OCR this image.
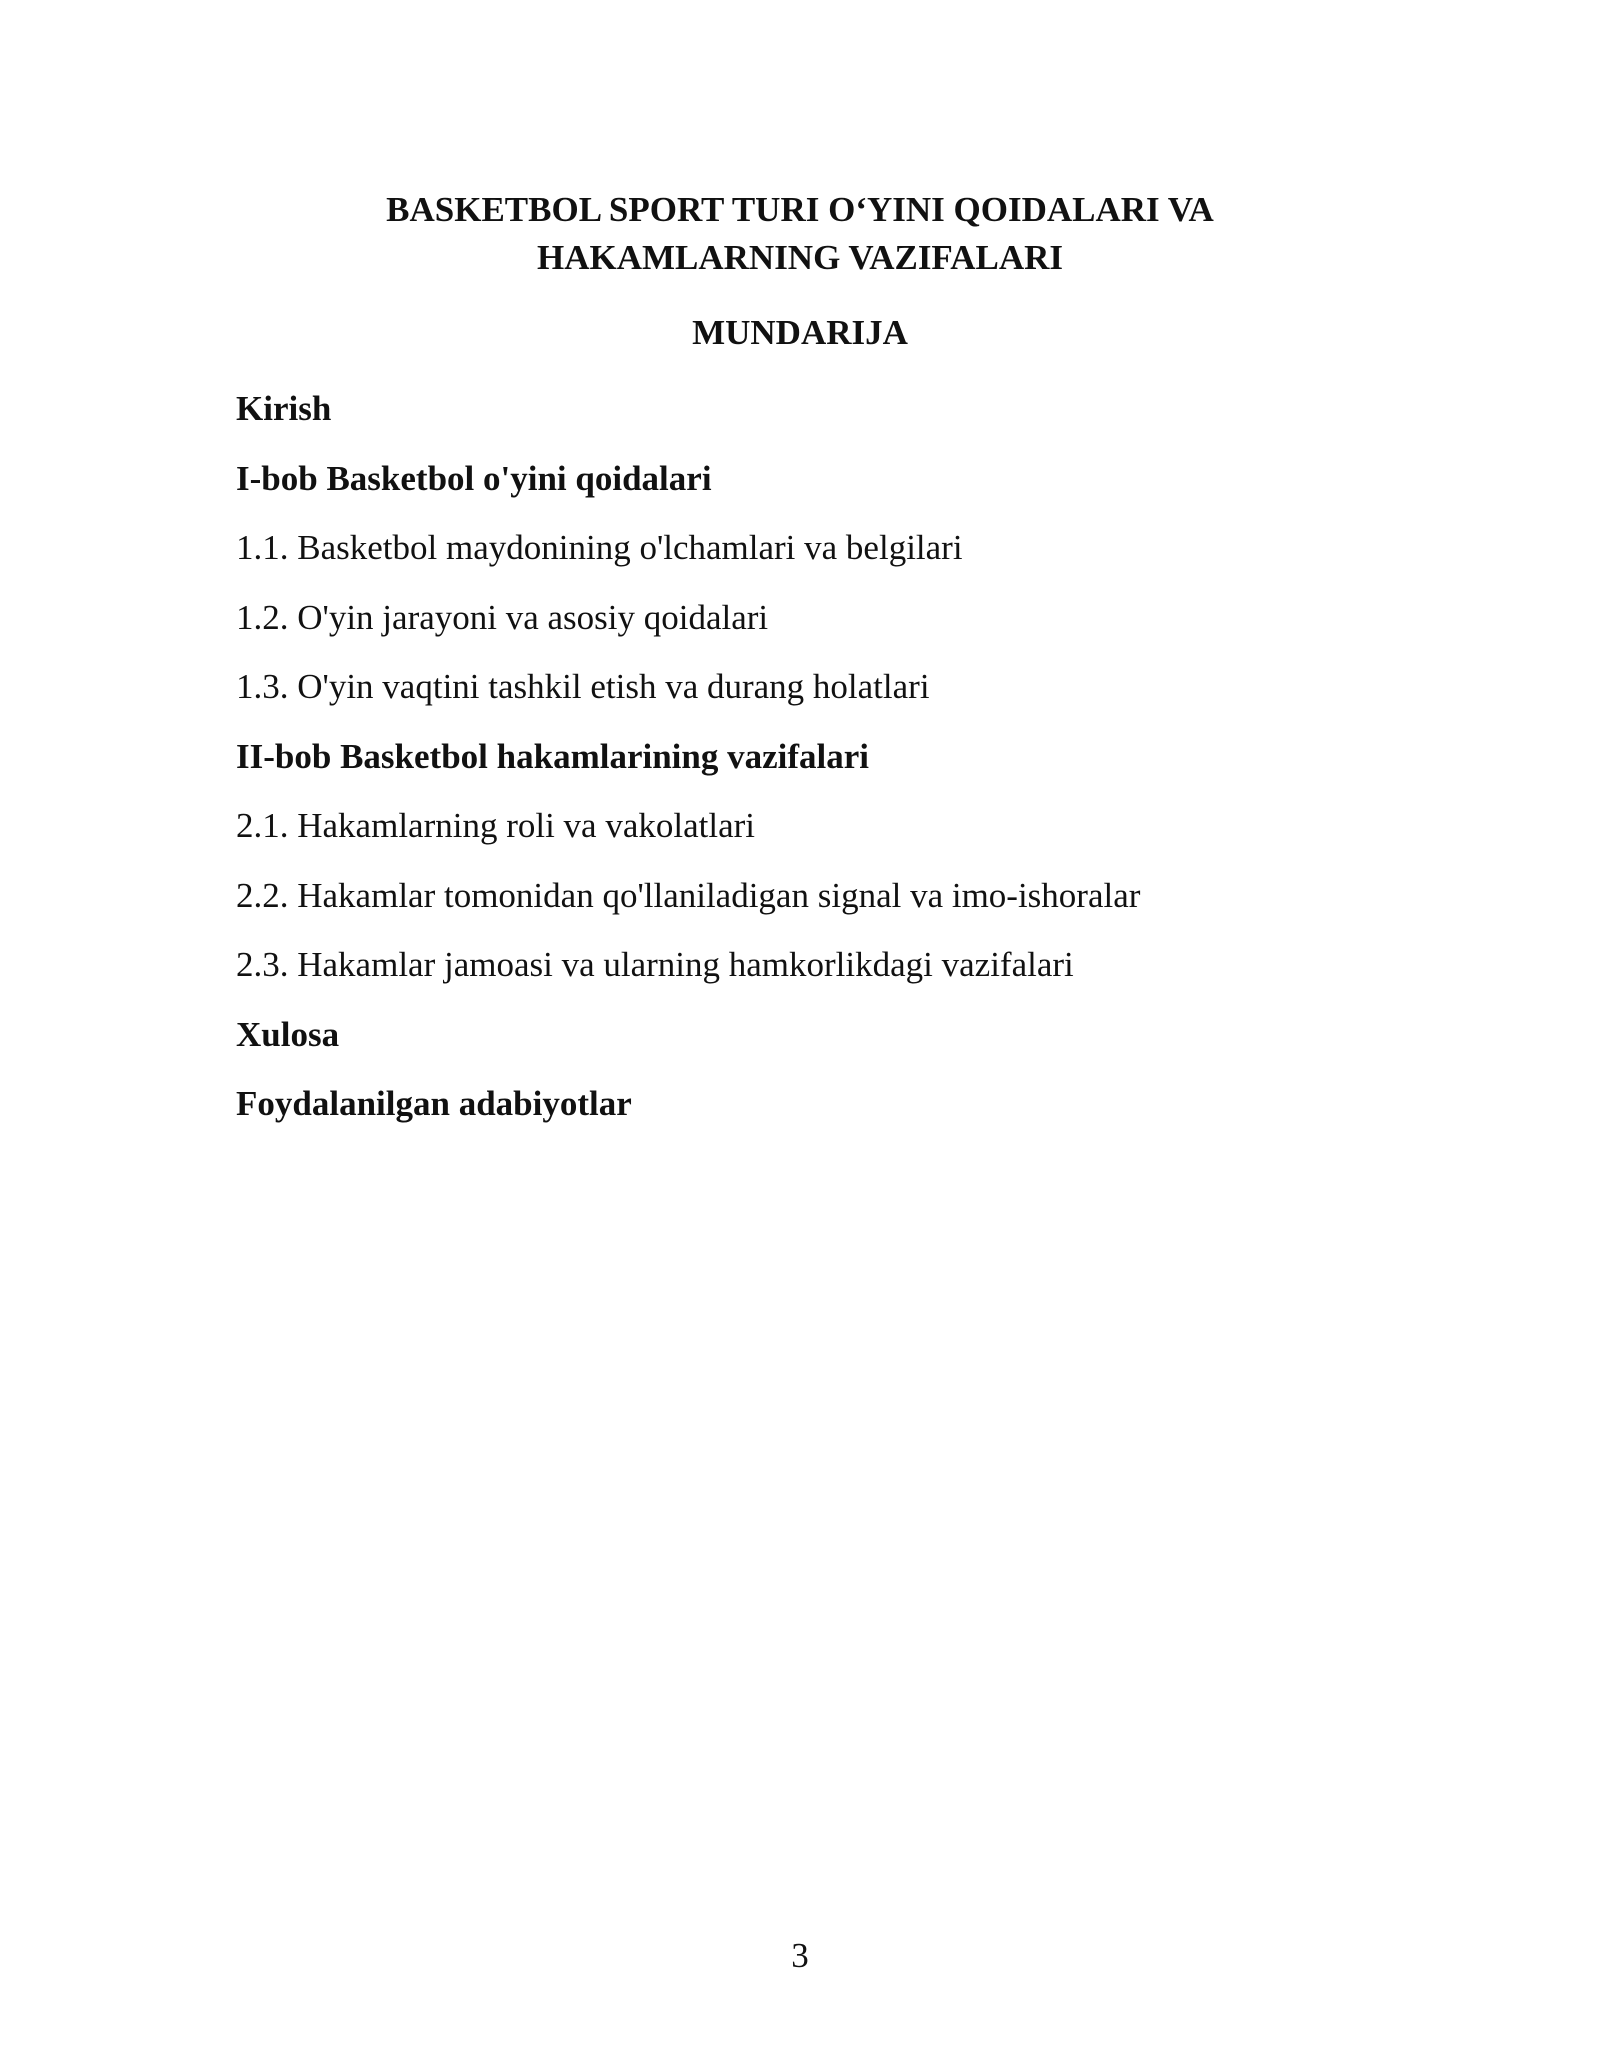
BASKETBOL SPORT TURI O‘YINI QOIDALARI VA
HAKAMLARNING VAZIFALARI
MUNDARIJA
Kirish
I-bob Basketbol o'yini qoidalari
1.1. Basketbol maydonining o'lchamlari va belgilari
1.2. O'yin jarayoni va asosiy qoidalari
1.3. O'yin vaqtini tashkil etish va durang holatlari
II-bob Basketbol hakamlarining vazifalari
2.1. Hakamlarning roli va vakolatlari
2.2. Hakamlar tomonidan qo'llaniladigan signal va imo-ishoralar
2.3. Hakamlar jamoasi va ularning hamkorlikdagi vazifalari
Xulosa
Foydalanilgan adabiyotlar
3
